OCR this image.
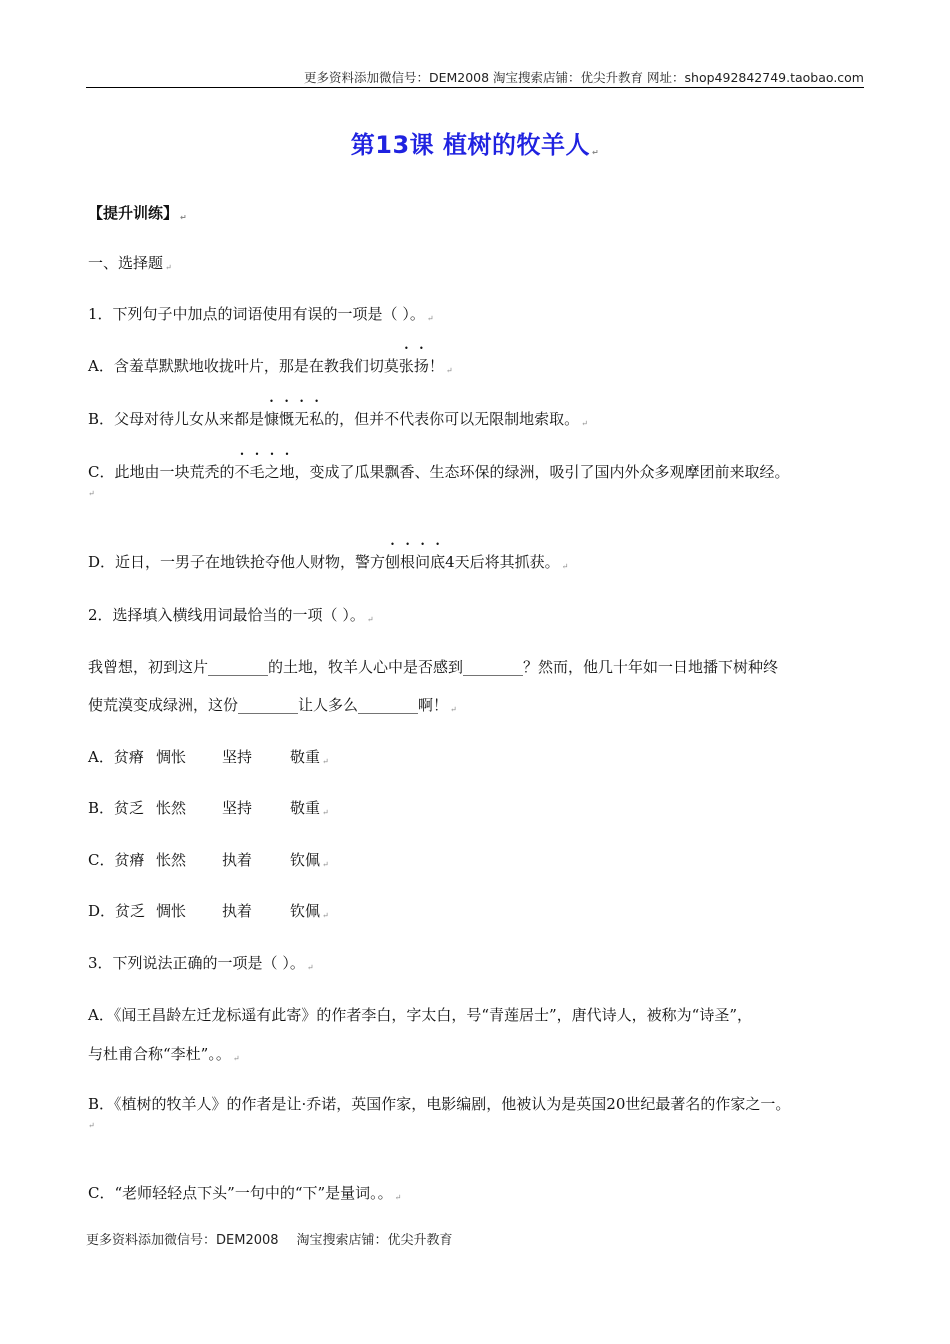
更多资料添加微信号：DEM2008 淘宝搜索店铺：优尖升教育 网址：shop492842749.taobao.com
第13课 植树的牧羊人 ↵
【提升训练】 ↵
一、选择题 ↵
1．下列句子中加点的词语使用有误的一项是（ ）。 ↵
A．含羞草默默地收拢叶片，那是在教我们切莫张扬！ ↵
B．父母对待儿女从来都是慷慨无私的，但并不代表你可以无限制地索取。 ↵
C．此地由一块荒秃的不毛之地，变成了瓜果飘香、生态环保的绿洲，吸引了国内外众多观摩团前来取经。
↵
D．近日，一男子在地铁抢夺他人财物，警方刨根问底4天后将其抓获。 ↵
2．选择填入横线用词最恰当的一项（ ）。 ↵
我曾想，初到这片________的土地，牧羊人心中是否感到________？然而，他几十年如一日地播下树种终
使荒漠变成绿洲，这份________让人多么________啊！ ↵
A．贫瘠 惆怅 坚持	敬重 ↵
B．贫乏 怅然 坚持	敬重 ↵
C．贫瘠 怅然 执着	钦佩 ↵
D．贫乏 惆怅 执着	钦佩 ↵
3．下列说法正确的一项是（ ）。 ↵
A．《闻王昌龄左迁龙标遥有此寄》的作者李白，字太白，号“青莲居士”，唐代诗人，被称为“诗圣”，
与杜甫合称“李杜”。。 ↵
B．《植树的牧羊人》的作者是让·乔诺，英国作家，电影编剧，他被认为是英国20世纪最著名的作家之一。
↵
C．“老师轻轻点下头”一句中的“下”是量词。。 ↵
更多资料添加微信号：DEM2008 淘宝搜索店铺：优尖升教育
